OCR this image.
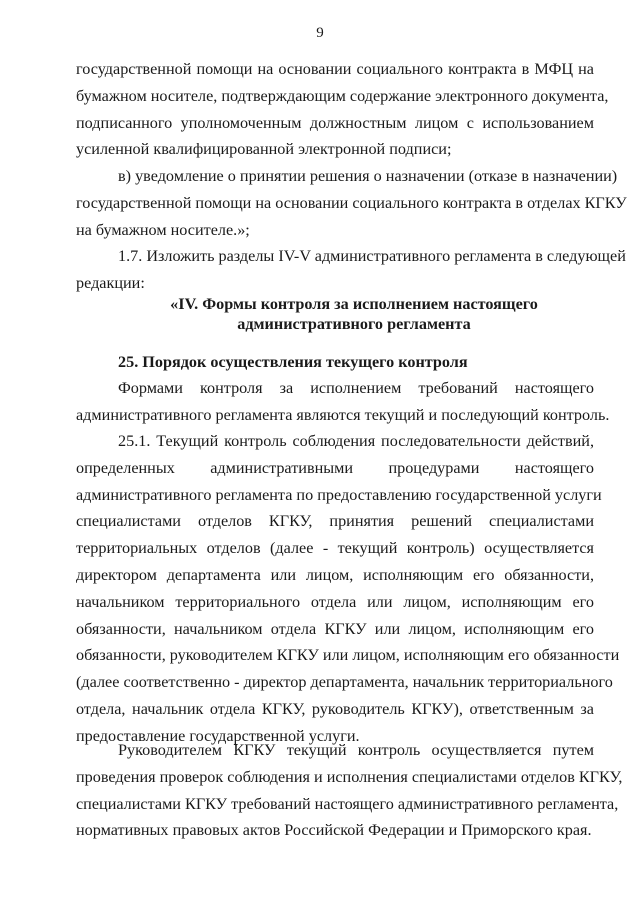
9
государственной помощи на основании социального контракта в МФЦ на
бумажном носителе, подтверждающим содержание электронного документа,
подписанного уполномоченным должностным лицом с использованием
усиленной квалифицированной электронной подписи;
в) уведомление о принятии решения о назначении (отказе в назначении)
государственной помощи на основании социального контракта в отделах КГКУ
на бумажном носителе.»;
1.7. Изложить разделы IV-V административного регламента в следующей
редакции:
«IV. Формы контроля за исполнением настоящего
административного регламента
25. Порядок осуществления текущего контроля
Формами контроля за исполнением требований настоящего
административного регламента являются текущий и последующий контроль.
25.1. Текущий контроль соблюдения последовательности действий,
определенных административными процедурами настоящего
административного регламента по предоставлению государственной услуги
специалистами отделов КГКУ, принятия решений специалистами
территориальных отделов (далее - текущий контроль) осуществляется
директором департамента или лицом, исполняющим его обязанности,
начальником территориального отдела или лицом, исполняющим его
обязанности, начальником отдела КГКУ или лицом, исполняющим его
обязанности, руководителем КГКУ или лицом, исполняющим его обязанности
(далее соответственно - директор департамента, начальник территориального
отдела, начальник отдела КГКУ, руководитель КГКУ), ответственным за
предоставление государственной услуги.
Руководителем КГКУ текущий контроль осуществляется путем
проведения проверок соблюдения и исполнения специалистами отделов КГКУ,
специалистами КГКУ требований настоящего административного регламента,
нормативных правовых актов Российской Федерации и Приморского края.
